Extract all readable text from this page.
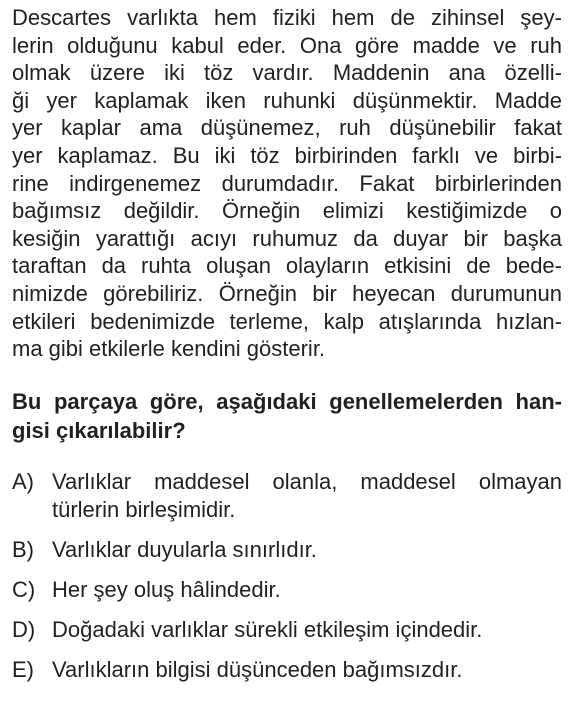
Descartes varlıkta hem fiziki hem de zihinsel şey-
lerin olduğunu kabul eder. Ona göre madde ve ruh
olmak üzere iki töz vardır. Maddenin ana özelli-
ği yer kaplamak iken ruhunki düşünmektir. Madde
yer kaplar ama düşünemez, ruh düşünebilir fakat
yer kaplamaz. Bu iki töz birbirinden farklı ve birbi-
rine indirgenemez durumdadır. Fakat birbirlerinden
bağımsız değildir. Örneğin elimizi kestiğimizde o
kesiğin yarattığı acıyı ruhumuz da duyar bir başka
taraftan da ruhta oluşan olayların etkisini de bede-
nimizde görebiliriz. Örneğin bir heyecan durumunun
etkileri bedenimizde terleme, kalp atışlarında hızlan-
ma gibi etkilerle kendini gösterir.
Bu parçaya göre, aşağıdaki genellemelerden han-
gisi çıkarılabilir?
A) Varlıklar maddesel olanla, maddesel olmayan
türlerin birleşimidir.
B) Varlıklar duyularla sınırlıdır.
C) Her şey oluş hâlindedir.
D) Doğadaki varlıklar sürekli etkileşim içindedir.
E) Varlıkların bilgisi düşünceden bağımsızdır.
